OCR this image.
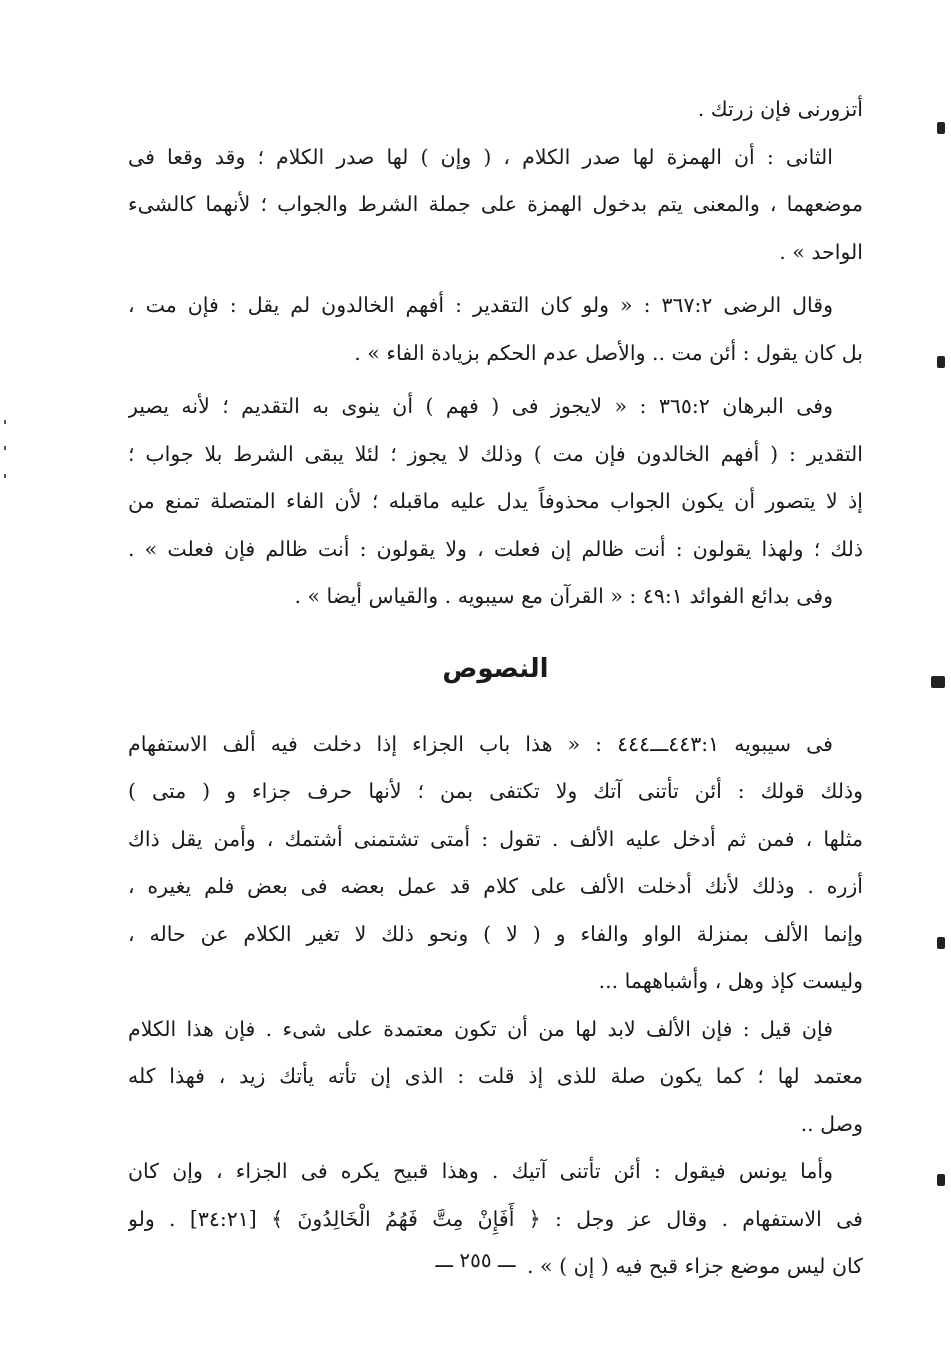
أتزورنى فإن زرتك .

الثانى : أن الهمزة لها صدر الكلام ، ( وإن ) لها صدر الكلام ؛ وقد وقعا فى
موضعهما ، والمعنى يتم بدخول الهمزة على جملة الشرط والجواب ؛ لأنهما كالشىء
الواحد » .

وقال الرضى ٣٦٧:٢ : « ولو كان التقدير : أفهم الخالدون لم يقل : فإن مت ،
بل كان يقول : أئن مت .. والأصل عدم الحكم بزيادة الفاء » .

وفى البرهان ٣٦٥:٢ : « لايجوز فى ( فهم ) أن ينوى به التقديم ؛ لأنه يصير
التقدير : ( أفهم الخالدون فإن مت ) وذلك لا يجوز ؛ لئلا يبقى الشرط بلا جواب ؛
إذ لا يتصور أن يكون الجواب محذوفاً يدل عليه ماقبله ؛ لأن الفاء المتصلة تمنع من
ذلك ؛ ولهذا يقولون : أنت ظالم إن فعلت ، ولا يقولون : أنت ظالم فإن فعلت » .

وفى بدائع الفوائد ٤٩:١ : « القرآن مع سيبويه . والقياس أيضا » .

النصوص

فى سيبويه ٤٤٣:١ـــ٤٤٤ : « هذا باب الجزاء إذا دخلت فيه ألف الاستفهام
وذلك قولك : أئن تأتنى آتك ولا تكتفى بمن ؛ لأنها حرف جزاء و ( متى )
مثلها ، فمن ثم أدخل عليه الألف . تقول : أمتى تشتمنى أشتمك ، وأمن يقل ذاك
أزره . وذلك لأنك أدخلت الألف على كلام قد عمل بعضه فى بعض فلم يغيره ،
وإنما الألف بمنزلة الواو والفاء و ( لا ) ونحو ذلك لا تغير الكلام عن حاله ،
وليست كإذ وهل ، وأشباههما ...

فإن قيل : فإن الألف لابد لها من أن تكون معتمدة على شىء . فإن هذا الكلام
معتمد لها ؛ كما يكون صلة للذى إذ قلت : الذى إن تأته يأتك زيد ، فهذا كله
وصل ..

وأما يونس فيقول : أئن تأتنى آتيك . وهذا قبيح يكره فى الجزاء ، وإن كان
فى الاستفهام . وقال عز وجل : ﴿ أَفَإِنْ مِتَّ فَهُمُ الْخَالِدُونَ ﴾ [٣٤:٢١] . ولو
كان ليس موضع جزاء قبح فيه ( إن ) » .

ـــ ٢٥٥ ـــ
